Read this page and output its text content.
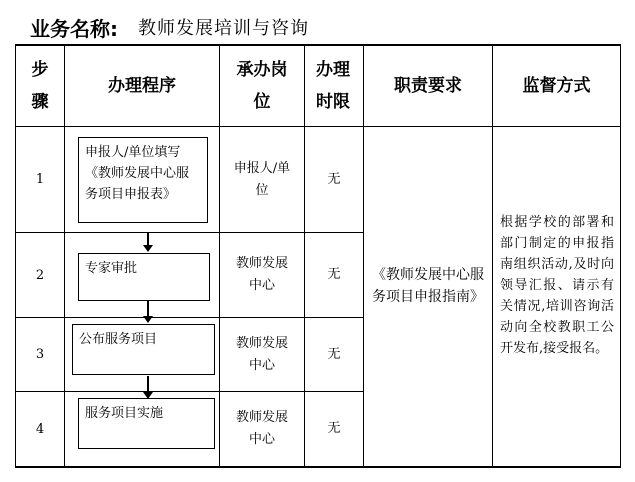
业务名称: 教师发展培训与咨询
步骤
办理程序
承办岗位
办理时限
职责要求	监督方式
1
2
3
4
申报人/单位填写《教师发展中心服务项目申报表》
专家审批
公布服务项目
服务项目实施
申报人/单位
教师发展中心
教师发展中心
教师发展中心
无
无
无
无
《教师发展中心服务项目申报指南》
根据学校的部署和部门制定的申报指南组织活动,及时向领导汇报、请示有关情况,培训咨询活动向全校教职工公开发布,接受报名。
